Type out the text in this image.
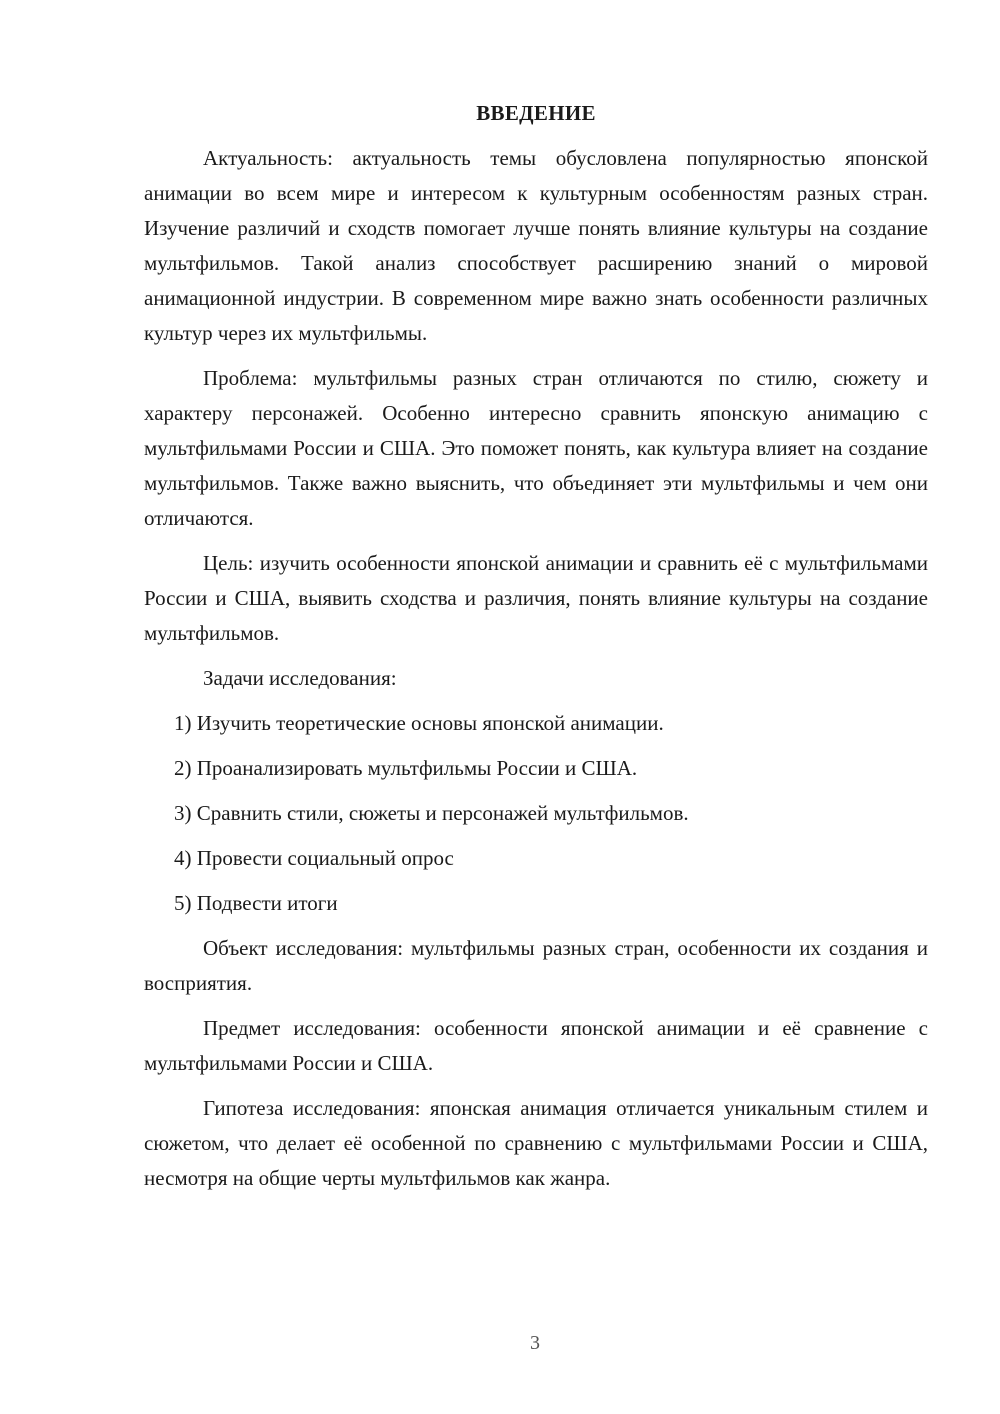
ВВЕДЕНИЕ

Актуальность: актуальность темы обусловлена популярностью японской анимации во всем мире и интересом к культурным особенностям разных стран. Изучение различий и сходств помогает лучше понять влияние культуры на создание мультфильмов. Такой анализ способствует расширению знаний о мировой анимационной индустрии. В современном мире важно знать особенности различных культур через их мультфильмы.

Проблема: мультфильмы разных стран отличаются по стилю, сюжету и характеру персонажей. Особенно интересно сравнить японскую анимацию с мультфильмами России и США. Это поможет понять, как культура влияет на создание мультфильмов. Также важно выяснить, что объединяет эти мультфильмы и чем они отличаются.

Цель: изучить особенности японской анимации и сравнить её с мультфильмами России и США, выявить сходства и различия, понять влияние культуры на создание мультфильмов.

Задачи исследования:

1) Изучить теоретические основы японской анимации.

2) Проанализировать мультфильмы России и США.

3) Сравнить стили, сюжеты и персонажей мультфильмов.

4) Провести социальный опрос

5) Подвести итоги

Объект исследования: мультфильмы разных стран, особенности их создания и восприятия.

Предмет исследования: особенности японской анимации и её сравнение с мультфильмами России и США.

Гипотеза исследования: японская анимация отличается уникальным стилем и сюжетом, что делает её особенной по сравнению с мультфильмами России и США, несмотря на общие черты мультфильмов как жанра.

3
